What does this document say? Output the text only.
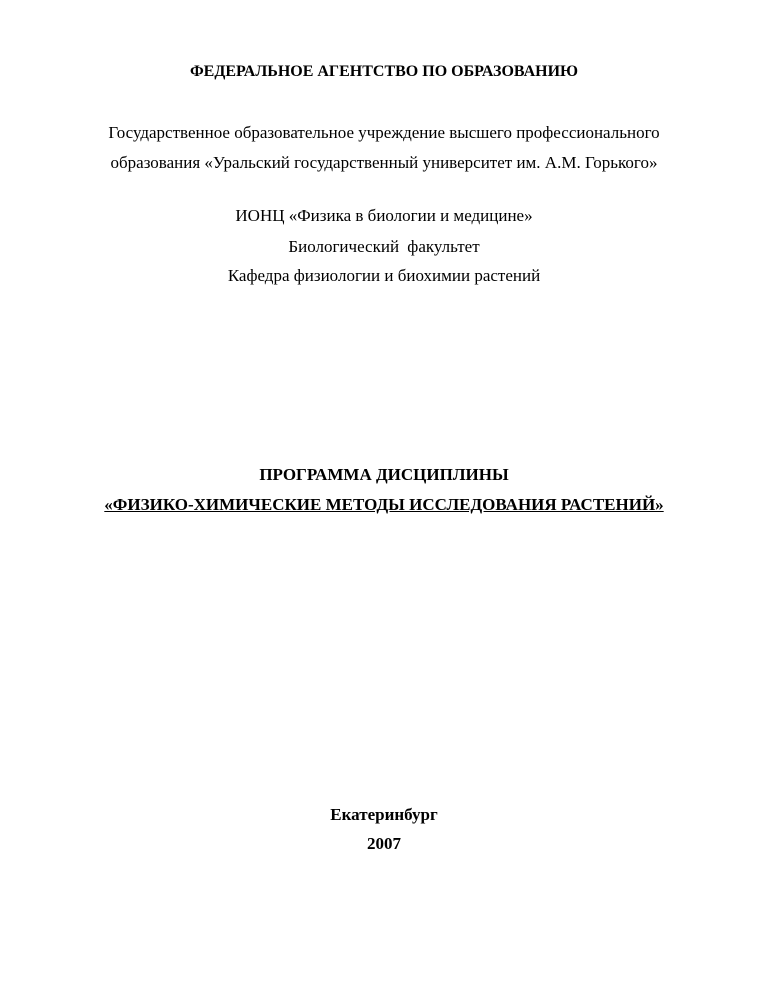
ФЕДЕРАЛЬНОЕ АГЕНТСТВО ПО ОБРАЗОВАНИЮ
Государственное образовательное учреждение высшего профессионального
образования «Уральский государственный университет им. А.М. Горького»
ИОНЦ «Физика в биологии и медицине»
Биологический факультет
Кафедра физиологии и биохимии растений
ПРОГРАММА ДИСЦИПЛИНЫ
«ФИЗИКО-ХИМИЧЕСКИЕ МЕТОДЫ ИССЛЕДОВАНИЯ РАСТЕНИЙ»
Екатеринбург
2007
